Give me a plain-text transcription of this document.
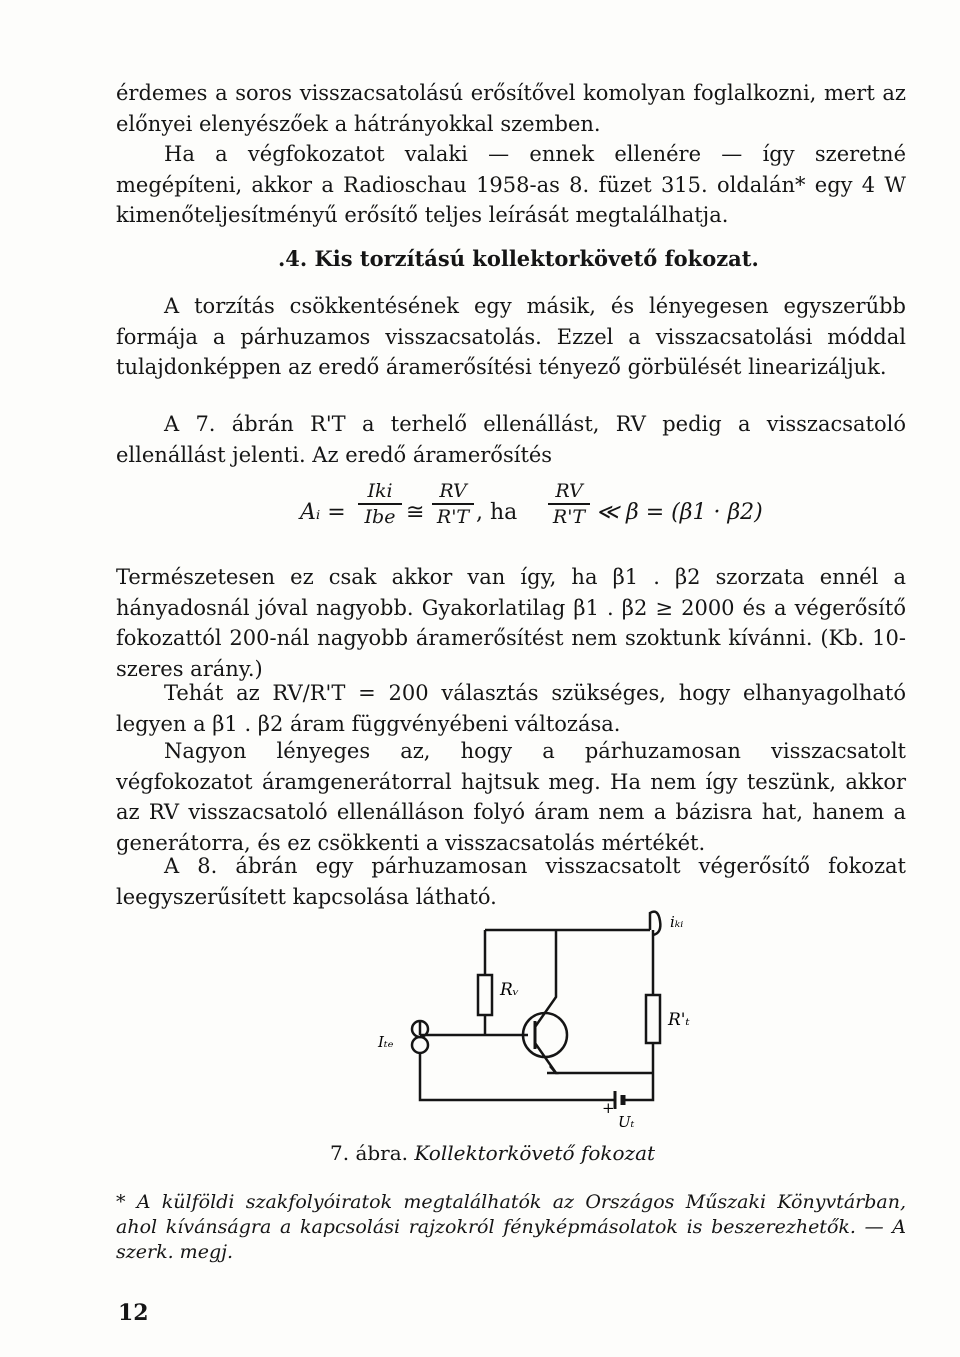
érdemes a soros visszacsatolású erősítővel komolyan foglalkozni, mert az előnyei elenyészőek a hátrányokkal szemben.

Ha a végfokozatot valaki — ennek ellenére — így szeretné megépíteni, akkor a Radioschau 1958-as 8. füzet 315. oldalán* egy 4 W kimenőteljesítményű erősítő teljes leírását megtalálhatja.

.4. Kis torzítású kollektorkövető fokozat.

A torzítás csökkentésének egy másik, és lényegesen egyszerűbb formája a párhuzamos visszacsatolás. Ezzel a visszacsatolási móddal tulajdonképpen az eredő áramerősítési tényező görbülését linearizáljuk.

A 7. ábrán R'T a terhelő ellenállást, RV pedig a visszacsatoló ellenállást jelenti. Az eredő áramerősítés

Aᵢ =
Iki
Ibe ≅
RV
R'T , ha
RV
R'T ≪ β = (β1 · β2)

Természetesen ez csak akkor van így, ha β1 . β2 szorzata ennél a hányadosnál jóval nagyobb. Gyakorlatilag β1 . β2 ≥ 2000 és a végerősítő fokozattól 200-nál nagyobb áramerősítést nem szoktunk kívánni. (Kb. 10-szeres arány.)

Tehát az RV/R'T = 200 választás szükséges, hogy elhanyagolható legyen a β1 . β2 áram függvényébeni változása.

Nagyon lényeges az, hogy a párhuzamosan visszacsatolt végfokozatot áramgenerátorral hajtsuk meg. Ha nem így teszünk, akkor az RV visszacsatoló ellenálláson folyó áram nem a bázisra hat, hanem a generátorra, és ez csökkenti a visszacsatolás mértékét.

A 8. ábrán egy párhuzamosan visszacsatolt végerősítő fokozat leegyszerűsített kapcsolása látható.

Rᵥ
R'ₜ
Iₜₑ
iₖᵢ
+
Uₜ

7. ábra. Kollektorkövető fokozat

* A külföldi szakfolyóiratok megtalálhatók az Országos Műszaki Könyvtárban, ahol kívánságra a kapcsolási rajzokról fényképmásolatok is beszerezhetők. — A szerk. megj.

12
